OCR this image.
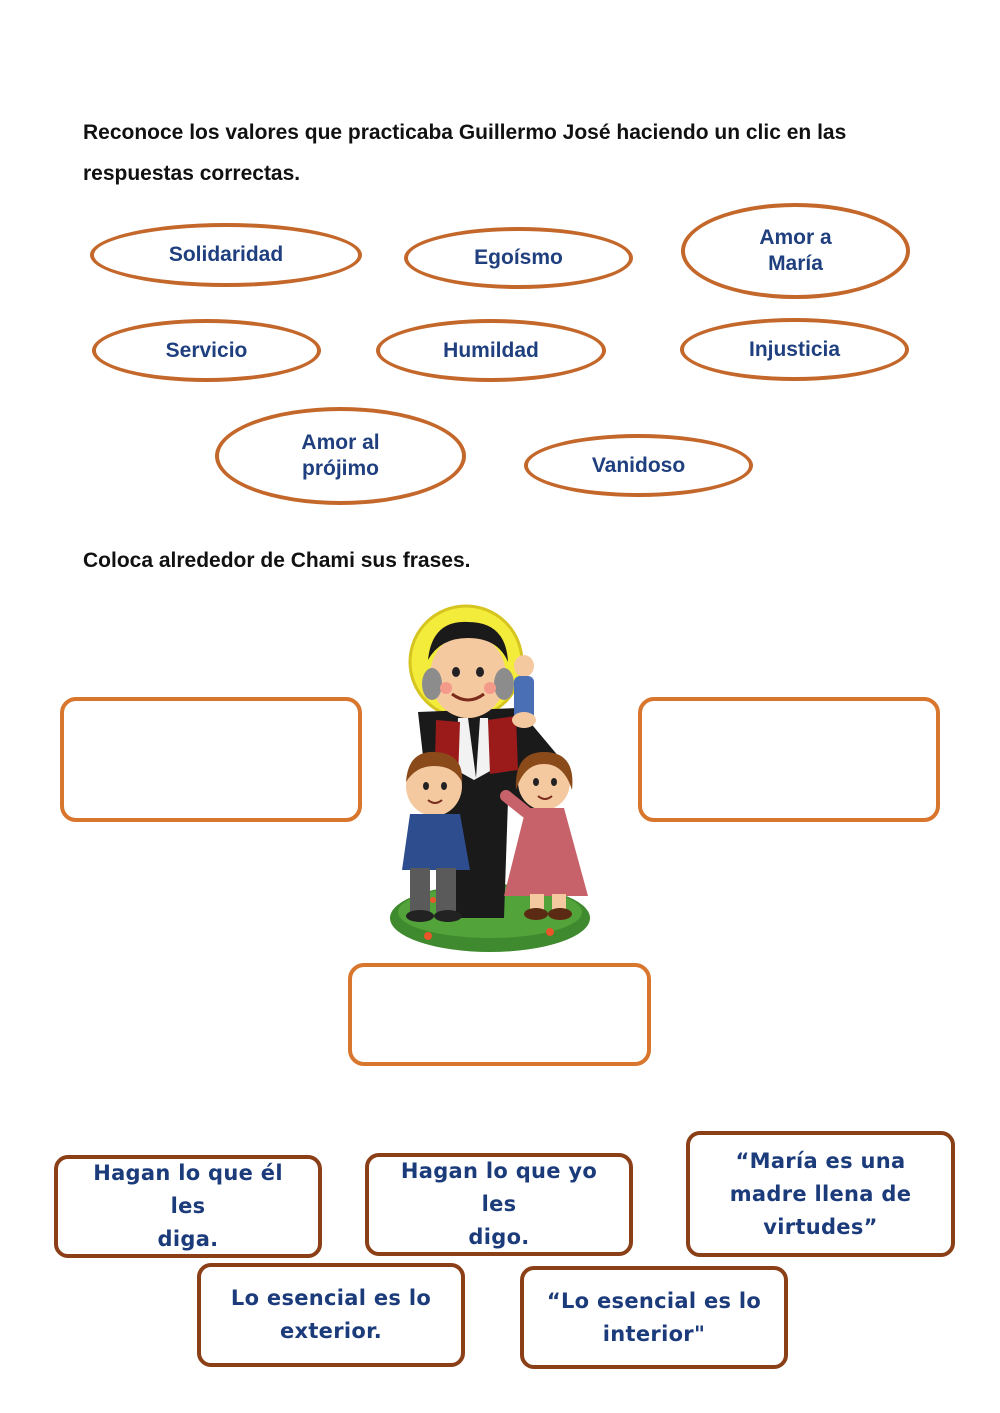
Reconoce los valores que practicaba Guillermo José haciendo un clic en las respuestas correctas.

Solidaridad	Egoísmo
Amor a
María
Servicio	Humildad	Injusticia
Amor al
prójimo	Vanidoso

Coloca alrededor de Chami sus frases.

Hagan lo que él les
diga.
Hagan lo que yo les
digo.
“María es una
madre llena de
virtudes”
Lo esencial es lo
exterior.
“Lo esencial es lo
interior"
